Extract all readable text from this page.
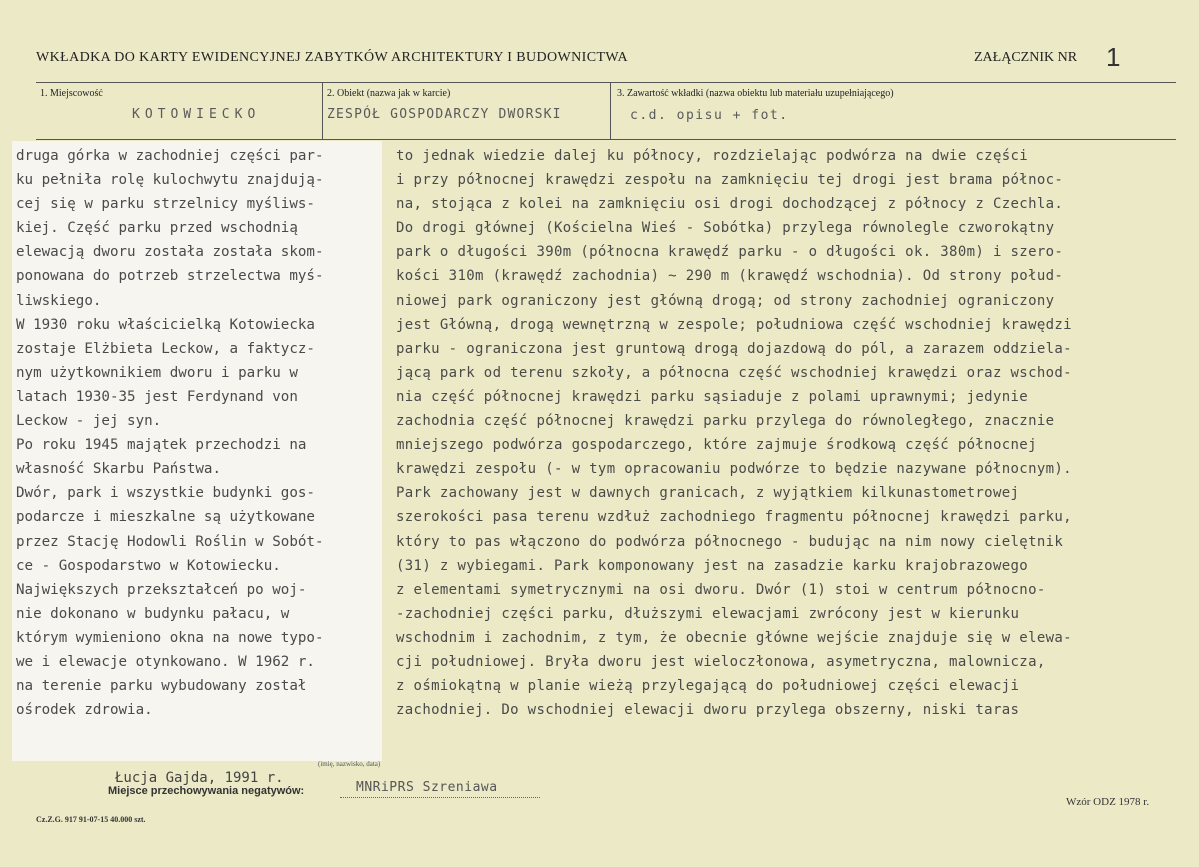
WKŁADKA DO KARTY EWIDENCYJNEJ ZABYTKÓW ARCHITEKTURY I BUDOWNICTWA	ZAŁĄCZNIK NR 1
1. Miejscowość
KOTOWIECKO
2. Obiekt (nazwa jak w karcie)
ZESPÓŁ GOSPODARCZY DWORSKI
3. Zawartość wkładki (nazwa obiektu lub materiału uzupełniającego)
c.d. opisu + fot.
druga górka w zachodniej części par-
ku pełniła rolę kulochwytu znajdują-
cej się w parku strzelnicy myśliws-
kiej. Część parku przed wschodnią
elewacją dworu została została skom-
ponowana do potrzeb strzelectwa myś-
liwskiego.
W 1930 roku właścicielką Kotowiecka
zostaje Elżbieta Leckow, a faktycz-
nym użytkownikiem dworu i parku w
latach 1930-35 jest Ferdynand von
Leckow - jej syn.
Po roku 1945 majątek przechodzi na
własność Skarbu Państwa.
Dwór, park i wszystkie budynki gos-
podarcze i mieszkalne są użytkowane
przez Stację Hodowli Roślin w Sobót-
ce - Gospodarstwo w Kotowiecku.
Największych przekształceń po woj-
nie dokonano w budynku pałacu, w
którym wymieniono okna na nowe typo-
we i elewacje otynkowano. W 1962 r.
na terenie parku wybudowany został
ośrodek zdrowia.
to jednak wiedzie dalej ku północy, rozdzielając podwórza na dwie części
i przy północnej krawędzi zespołu na zamknięciu tej drogi jest brama północ-
na, stojąca z kolei na zamknięciu osi drogi dochodzącej z północy z Czechla.
Do drogi głównej (Kościelna Wieś - Sobótka) przylega równolegle czworokątny
park o długości 390m (północna krawędź parku - o długości ok. 380m) i szero-
kości 310m (krawędź zachodnia) ~ 290 m (krawędź wschodnia). Od strony połud-
niowej park ograniczony jest główną drogą; od strony zachodniej ograniczony
jest Główną, drogą wewnętrzną w zespole; południowa część wschodniej krawędzi
parku - ograniczona jest gruntową drogą dojazdową do pól, a zarazem oddziela-
jącą park od terenu szkoły, a północna część wschodniej krawędzi oraz wschod-
nia część północnej krawędzi parku sąsiaduje z polami uprawnymi; jedynie
zachodnia część północnej krawędzi parku przylega do równoległego, znacznie
mniejszego podwórza gospodarczego, które zajmuje środkową część północnej
krawędzi zespołu (- w tym opracowaniu podwórze to będzie nazywane północnym).
Park zachowany jest w dawnych granicach, z wyjątkiem kilkunastometrowej
szerokości pasa terenu wzdłuż zachodniego fragmentu północnej krawędzi parku,
który to pas włączono do podwórza północnego - budując na nim nowy cielętnik
(31) z wybiegami. Park komponowany jest na zasadzie karku krajobrazowego
z elementami symetrycznymi na osi dworu. Dwór (1) stoi w centrum północno-
-zachodniej części parku, dłuższymi elewacjami zwrócony jest w kierunku
wschodnim i zachodnim, z tym, że obecnie główne wejście znajduje się w elewa-
cji południowej. Bryła dworu jest wieloczłonowa, asymetryczna, malownicza,
z ośmiokątną w planie wieżą przylegającą do południowej części elewacji
zachodniej. Do wschodniej elewacji dworu przylega obszerny, niski taras
(imię, nazwisko, data)
Łucja Gajda, 1991 r.
Miejsce przechowywania negatywów:	MNRiPRS Szreniawa
Wzór ODZ 1978 r.
Cz.Z.G. 917 91-07-15 40.000 szt.
